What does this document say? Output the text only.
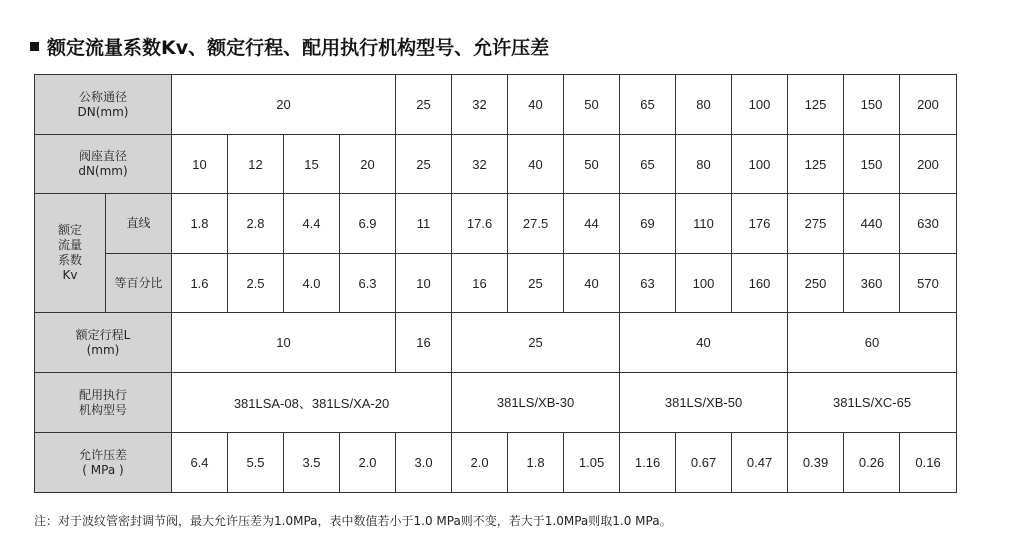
额定流量系数Kv、额定行程、配用执行机构型号、允许压差
公称通径
DN(mm)		20				25	32	40	50	65	80	100	125	150	200

阀座直径
dN(mm)		10	12	15	20	25	32	40	50	65	80	100	125	150	200

额定
流量
系数
Kv	直线	1.8	2.8	4.4	6.9	11	17.6	27.5	44	69	110	176	275	440	630
	等百分比	1.6	2.5	4.0	6.3	10	16	25	40	63	100	160	250	360	570

额定行程L
(mm)		10				16	25			40			60		

配用执行
机构型号		381LSA-08、381LS/XA-20					381LS/XB-30			381LS/XB-50			381LS/XC-65		

允许压差
( MPa )		6.4	5.5	3.5	2.0	3.0	2.0	1.8	1.05	1.16	0.67	0.47	0.39	0.26	0.16
注：对于波纹管密封调节阀，最大允许压差为1.0MPa，表中数值若小于1.0 MPa则不变，若大于1.0MPa则取1.0 MPa。
